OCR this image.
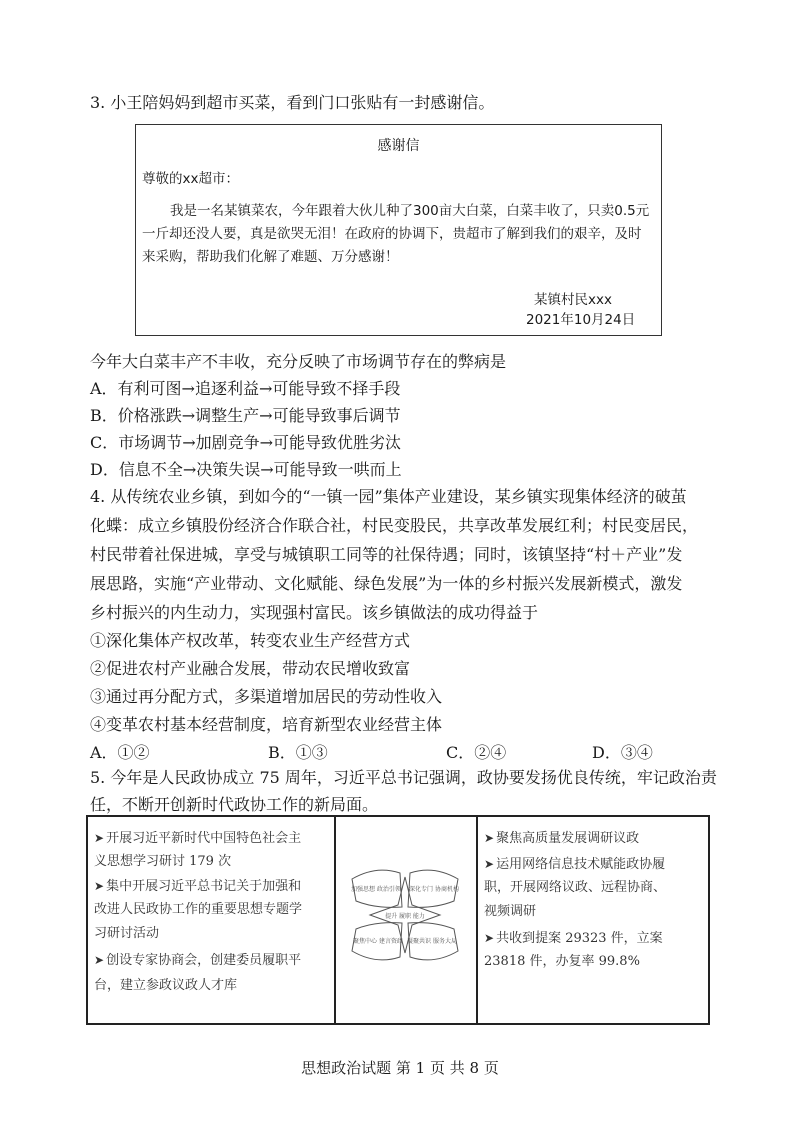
3. 小王陪妈妈到超市买菜，看到门口张贴有一封感谢信。
感谢信
尊敬的xx超市：
我是一名某镇菜农，今年跟着大伙儿种了300亩大白菜，白菜丰收了，只卖0.5元
一斤却还没人要，真是欲哭无泪！在政府的协调下，贵超市了解到我们的艰辛，及时
来采购，帮助我们化解了难题、万分感谢！
某镇村民xxx
2021年10月24日
今年大白菜丰产不丰收，充分反映了市场调节存在的弊病是
A．有利可图→追逐利益→可能导致不择手段
B．价格涨跌→调整生产→可能导致事后调节
C．市场调节→加剧竞争→可能导致优胜劣汰
D．信息不全→决策失误→可能导致一哄而上
4. 从传统农业乡镇，到如今的“一镇一园”集体产业建设，某乡镇实现集体经济的破茧
化蝶：成立乡镇股份经济合作联合社，村民变股民，共享改革发展红利；村民变居民，
村民带着社保进城，享受与城镇职工同等的社保待遇；同时，该镇坚持“村＋产业”发
展思路，实施“产业带动、文化赋能、绿色发展”为一体的乡村振兴发展新模式，激发
乡村振兴的内生动力，实现强村富民。该乡镇做法的成功得益于
①深化集体产权改革，转变农业生产经营方式
②促进农村产业融合发展，带动农民增收致富
③通过再分配方式，多渠道增加居民的劳动性收入
④变革农村基本经营制度，培育新型农业经营主体
A．①②	B．①③	C．②④	D．③④
5. 今年是人民政协成立 75 周年，习近平总书记强调，政协要发扬优良传统，牢记政治责
任，不断开创新时代政协工作的新局面。
➤ 开展习近平新时代中国特色社会主
义思想学习研讨 179 次
➤ 集中开展习近平总书记关于加强和
改进人民政协工作的重要思想专题学
习研讨活动
➤ 创设专家协商会，创建委员履职平
台，建立参政议政人才库
加强思想 政治引领 深化专门 协商机构
聚焦中心 建言资政 凝聚共识 服务大局
提升 履职 能力
➤ 聚焦高质量发展调研议政
➤ 运用网络信息技术赋能政协履
职，开展网络议政、远程协商、
视频调研
➤ 共收到提案 29323 件，立案
23818 件，办复率 99.8%
思想政治试题 第 1 页 共 8 页
